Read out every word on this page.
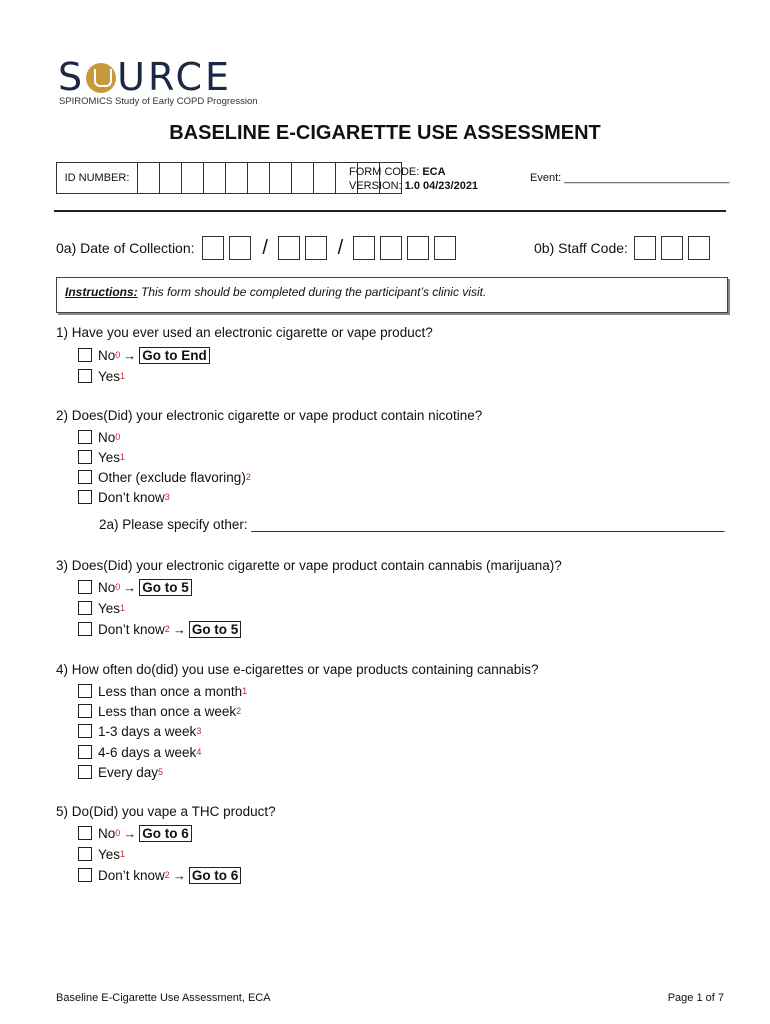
S URCE
SPIROMICS Study of Early COPD Progression
BASELINE E-CIGARETTE USE ASSESSMENT
ID NUMBER:	FORM CODE: ECA
VERSION: 1.0 04/23/2021
Event: ___________________________
0a) Date of Collection:	/	/	0b) Staff Code:
Instructions: This form should be completed during the participant’s clinic visit.
1) Have you ever used an electronic cigarette or vape product?
No 0 → Go to End
Yes 1
2) Does(Did) your electronic cigarette or vape product contain nicotine?
No 0
Yes 1
Other (exclude flavoring) 2
Don’t know 3
2a) Please specify other: _______________________________________________________________
3) Does(Did) your electronic cigarette or vape product contain cannabis (marijuana)?
No 0 → Go to 5
Yes 1
Don’t know 2 → Go to 5
4) How often do(did) you use e-cigarettes or vape products containing cannabis?
Less than once a month 1
Less than once a week 2
1-3 days a week 3
4-6 days a week 4
Every day 5
5) Do(Did) you vape a THC product?
No 0 → Go to 6
Yes 1
Don’t know 2 → Go to 6
Baseline E-Cigarette Use Assessment, ECA	Page 1 of 7
